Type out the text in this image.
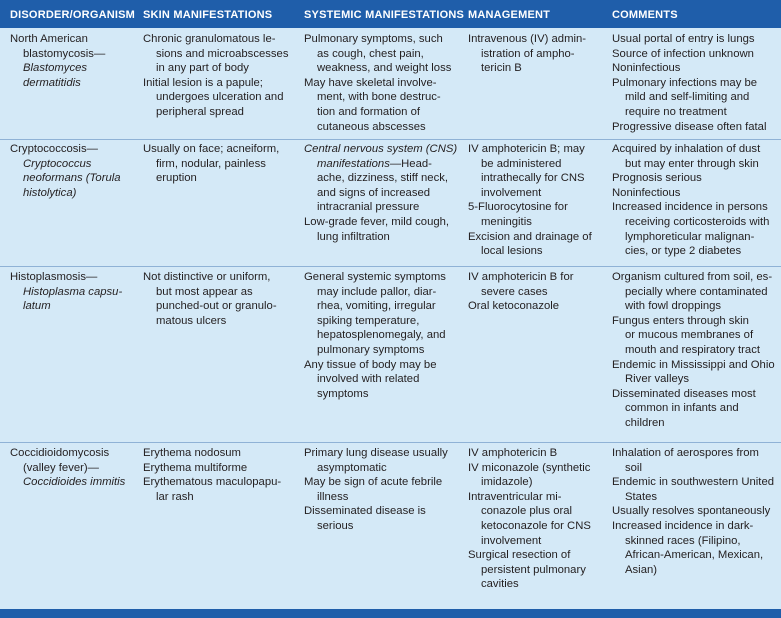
DISORDER/ORGANISM SKIN MANIFESTATIONS	SYSTEMIC MANIFESTATIONS MANAGEMENT	COMMENTS
North American
blastomycosis—
Blastomyces
dermatitidis
Chronic granulomatous le-
sions and microabscesses
in any part of body
Initial lesion is a papule;
undergoes ulceration and
peripheral spread
Pulmonary symptoms, such
as cough, chest pain,
weakness, and weight loss
May have skeletal involve-
ment, with bone destruc-
tion and formation of
cutaneous abscesses
Intravenous (IV) admin-
istration of ampho-
tericin B
Usual portal of entry is lungs
Source of infection unknown
Noninfectious
Pulmonary infections may be
mild and self-limiting and
require no treatment
Progressive disease often fatal
Cryptococcosis—
Cryptococcus
neoformans (Torula
histolytica)
Usually on face; acneiform,
firm, nodular, painless
eruption
Central nervous system (CNS)
manifestations—Head-
ache, dizziness, stiff neck,
and signs of increased
intracranial pressure
Low-grade fever, mild cough,
lung infiltration
IV amphotericin B; may
be administered
intrathecally for CNS
involvement
5-Fluorocytosine for
meningitis
Excision and drainage of
local lesions
Acquired by inhalation of dust
but may enter through skin
Prognosis serious
Noninfectious
Increased incidence in persons
receiving corticosteroids with
lymphoreticular malignan-
cies, or type 2 diabetes
Histoplasmosis—
Histoplasma capsu-
latum
Not distinctive or uniform,
but most appear as
punched-out or granulo-
matous ulcers
General systemic symptoms
may include pallor, diar-
rhea, vomiting, irregular
spiking temperature,
hepatosplenomegaly, and
pulmonary symptoms
Any tissue of body may be
involved with related
symptoms
IV amphotericin B for
severe cases
Oral ketoconazole
Organism cultured from soil, es-
pecially where contaminated
with fowl droppings
Fungus enters through skin
or mucous membranes of
mouth and respiratory tract
Endemic in Mississippi and Ohio
River valleys
Disseminated diseases most
common in infants and
children
Coccidioidomycosis
(valley fever)—
Coccidioides immitis
Erythema nodosum
Erythema multiforme
Erythematous maculopapu-
lar rash
Primary lung disease usually
asymptomatic
May be sign of acute febrile
illness
Disseminated disease is
serious
IV amphotericin B
IV miconazole (synthetic
imidazole)
Intraventricular mi-
conazole plus oral
ketoconazole for CNS
involvement
Surgical resection of
persistent pulmonary
cavities
Inhalation of aerospores from
soil
Endemic in southwestern United
States
Usually resolves spontaneously
Increased incidence in dark-
skinned races (Filipino,
African-American, Mexican,
Asian)
